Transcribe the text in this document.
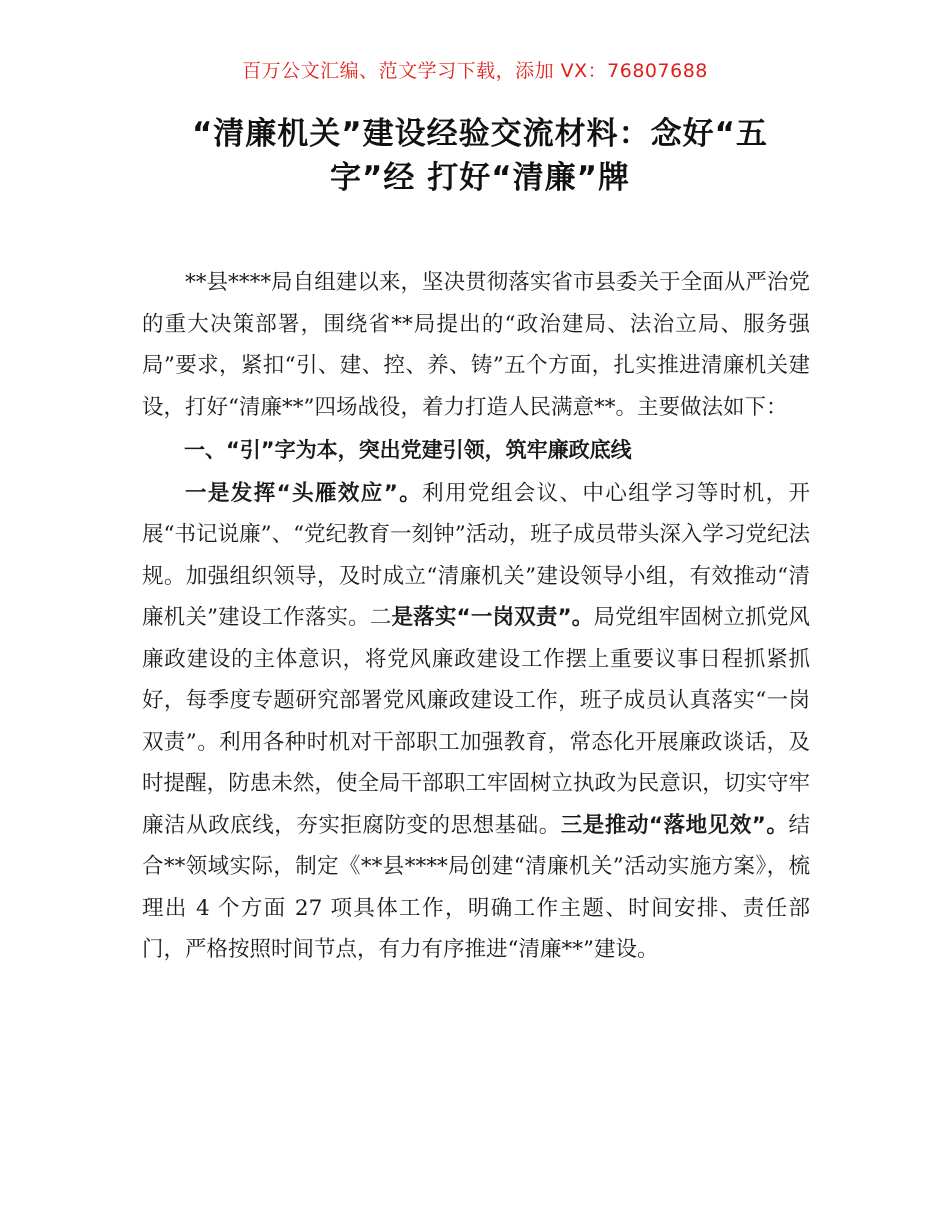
百万公文汇编、范文学习下载，添加 VX：76807688
“清廉机关”建设经验交流材料：念好“五
字”经 打好“清廉”牌

**县****局自组建以来，坚决贯彻落实省市县委关于全面从严治党的重大决策部署，围绕省**局提出的“政治建局、法治立局、服务强局”要求，紧扣“引、建、控、养、铸”五个方面，扎实推进清廉机关建设，打好“清廉**”四场战役，着力打造人民满意**。主要做法如下：

一、“引”字为本，突出党建引领，筑牢廉政底线

一是发挥“头雁效应”。利用党组会议、中心组学习等时机，开展“书记说廉”、“党纪教育一刻钟”活动，班子成员带头深入学习党纪法规。加强组织领导，及时成立“清廉机关”建设领导小组，有效推动“清廉机关”建设工作落实。二是落实“一岗双责”。局党组牢固树立抓党风廉政建设的主体意识，将党风廉政建设工作摆上重要议事日程抓紧抓好，每季度专题研究部署党风廉政建设工作，班子成员认真落实“一岗双责”。利用各种时机对干部职工加强教育，常态化开展廉政谈话，及时提醒，防患未然，使全局干部职工牢固树立执政为民意识，切实守牢廉洁从政底线，夯实拒腐防变的思想基础。三是推动“落地见效”。结合**领域实际，制定《**县****局创建“清廉机关”活动实施方案》，梳理出 4 个方面 27 项具体工作，明确工作主题、时间安排、责任部门，严格按照时间节点，有力有序推进“清廉**”建设。
